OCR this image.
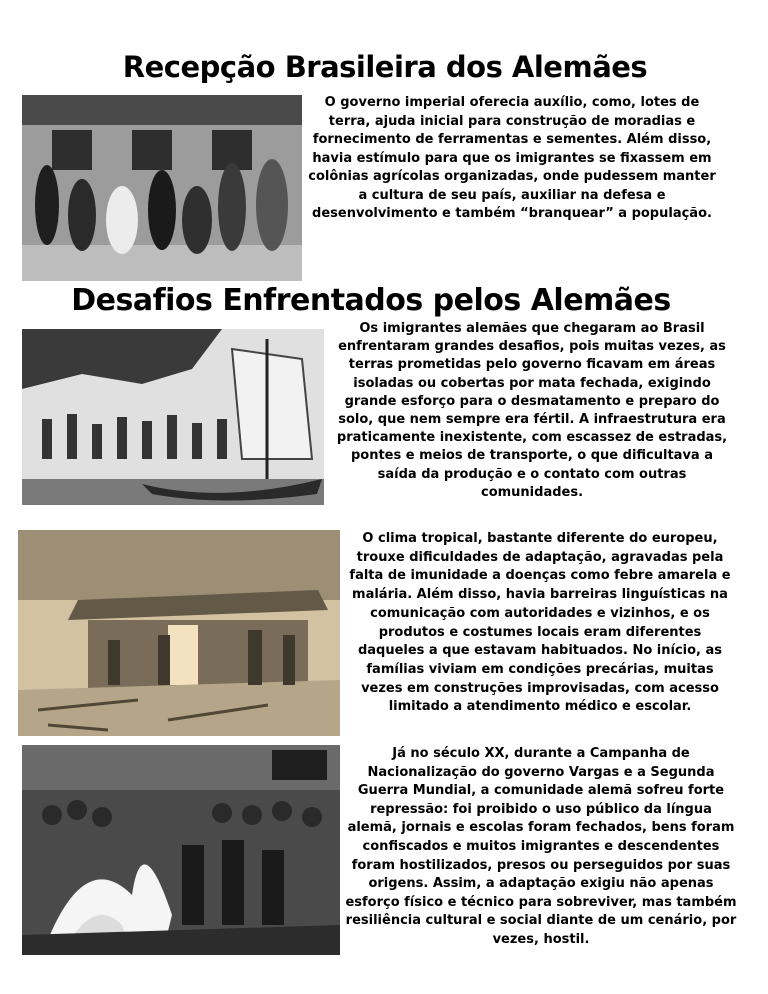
Recepção Brasileira dos Alemães

O governo imperial oferecia auxílio, como, lotes de terra, ajuda inicial para construção de moradias e fornecimento de ferramentas e sementes. Além disso, havia estímulo para que os imigrantes se fixassem em colônias agrícolas organizadas, onde pudessem manter a cultura de seu país, auxiliar na defesa e desenvolvimento e também “branquear” a população.

Desafios Enfrentados pelos Alemães

Os imigrantes alemães que chegaram ao Brasil enfrentaram grandes desafios, pois muitas vezes, as terras prometidas pelo governo ficavam em áreas isoladas ou cobertas por mata fechada, exigindo grande esforço para o desmatamento e preparo do solo, que nem sempre era fértil. A infraestrutura era praticamente inexistente, com escassez de estradas, pontes e meios de transporte, o que dificultava a saída da produção e o contato com outras comunidades.

O clima tropical, bastante diferente do europeu, trouxe dificuldades de adaptação, agravadas pela falta de imunidade a doenças como febre amarela e malária. Além disso, havia barreiras linguísticas na comunicação com autoridades e vizinhos, e os produtos e costumes locais eram diferentes daqueles a que estavam habituados. No início, as famílias viviam em condições precárias, muitas vezes em construções improvisadas, com acesso limitado a atendimento médico e escolar.

Já no século XX, durante a Campanha de Nacionalização do governo Vargas e a Segunda Guerra Mundial, a comunidade alemã sofreu forte repressão: foi proibido o uso público da língua alemã, jornais e escolas foram fechados, bens foram confiscados e muitos imigrantes e descendentes foram hostilizados, presos ou perseguidos por suas origens. Assim, a adaptação exigiu não apenas esforço físico e técnico para sobreviver, mas também resiliência cultural e social diante de um cenário, por vezes, hostil.
